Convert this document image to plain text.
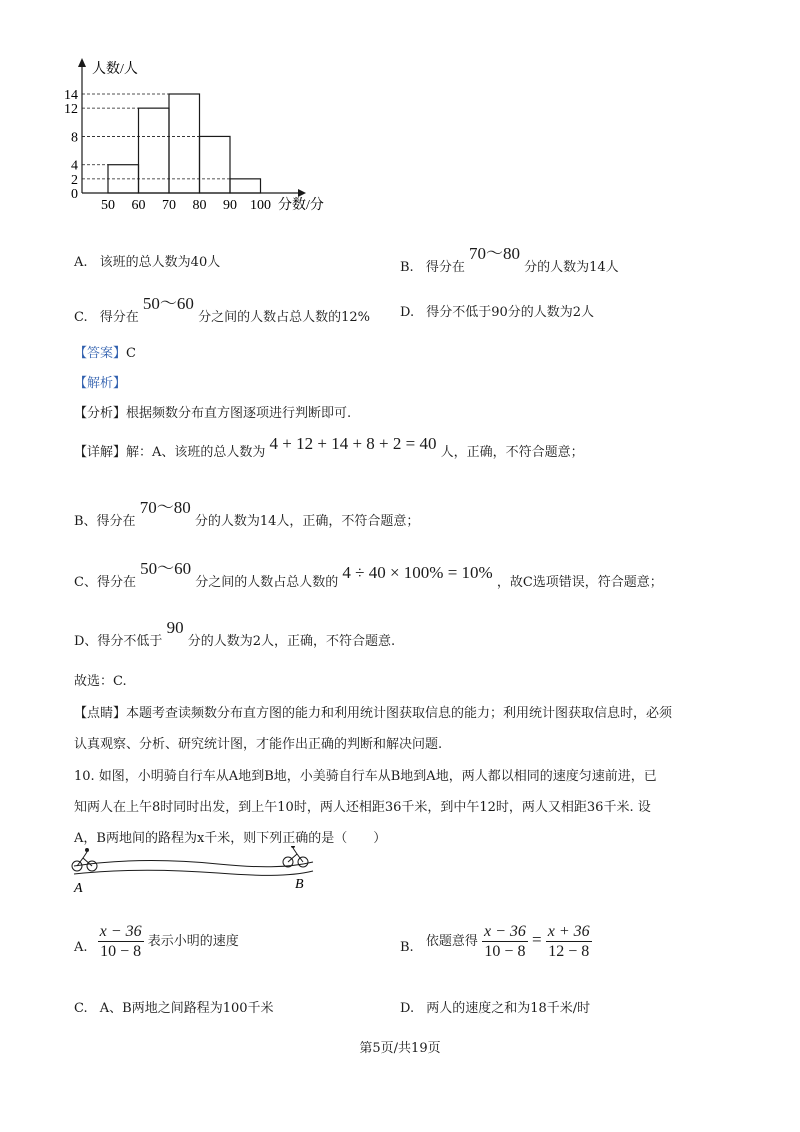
0
2
4
8
12
14
50 60 70 80 90 100
人数/人
分数/分
A. 该班的总人数为40人	B. 得分在 70～80 分的人数为14人
C. 得分在 50～60 分之间的人数占总人数的12% D. 得分不低于90分的人数为2人
【答案】C
【解析】
【分析】根据频数分布直方图逐项进行判断即可.
【详解】解：A、该班的总人数为 4 + 12 + 14 + 8 + 2 = 40 人，正确，不符合题意；
B、得分在 70～80 分的人数为14人，正确，不符合题意；
C、得分在 50～60 分之间的人数占总人数的 4 ÷ 40 × 100% = 10% ，故C选项错误，符合题意；
D、得分不低于 90 分的人数为2人，正确，不符合题意.
故选：C.
【点睛】本题考查读频数分布直方图的能力和利用统计图获取信息的能力；利用统计图获取信息时，必须
认真观察、分析、研究统计图，才能作出正确的判断和解决问题.
10. 如图，小明骑自行车从A地到B地，小美骑自行车从B地到A地，两人都以相同的速度匀速前进，已
知两人在上午8时同时出发，到上午10时，两人还相距36千米，到中午12时，两人又相距36千米. 设
A，B两地间的路程为x千米，则下列正确的是（　　）
A	B
A. $\frac{x - 36}{10 - 8}$ 表示小明的速度	B. 依题意得 $\frac{x - 36}{10 - 8} = \frac{x + 36}{12 - 8}$
C. A、B两地之间路程为100千米	D. 两人的速度之和为18千米/时
第5页/共19页
